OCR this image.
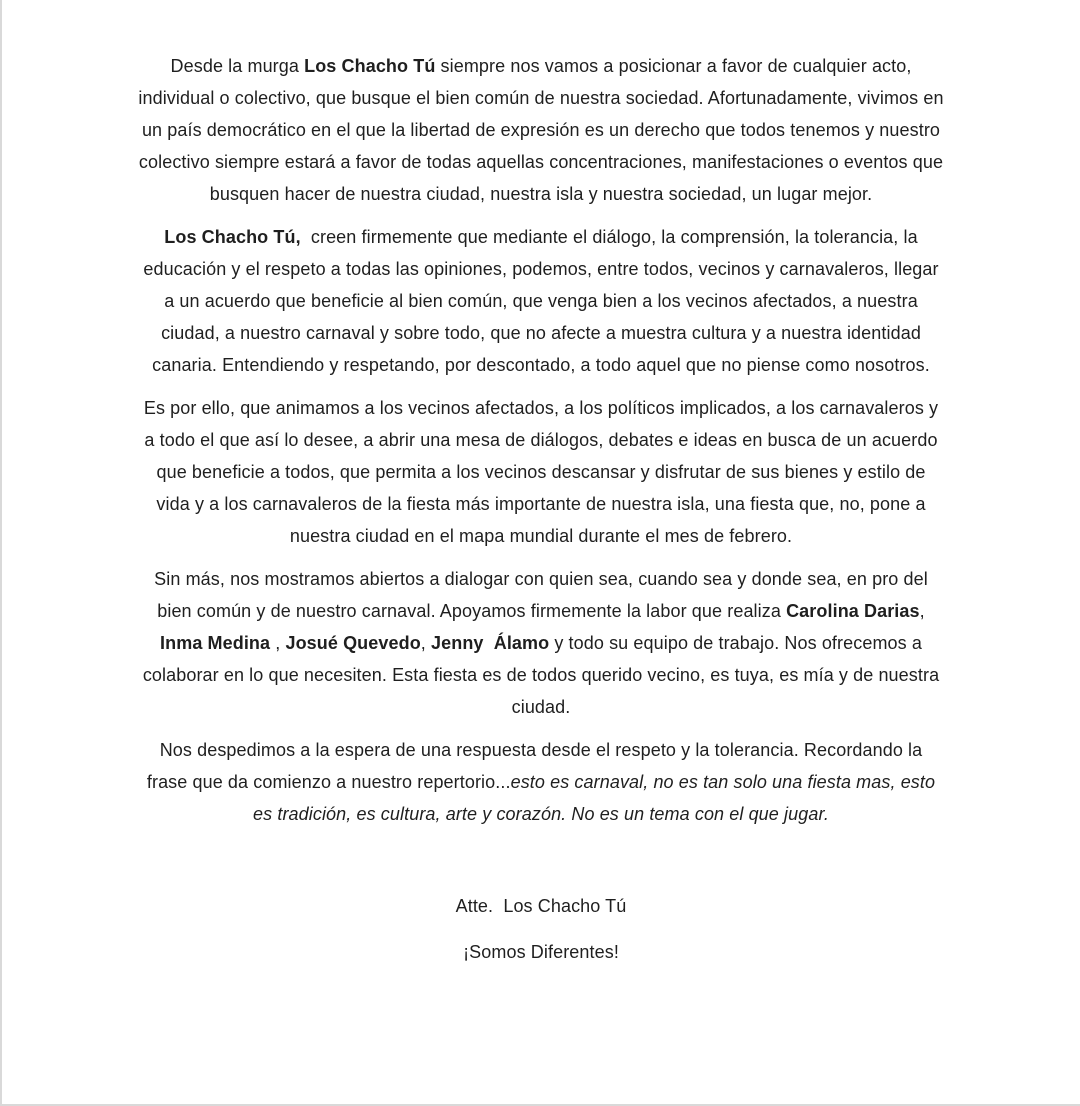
Desde la murga Los Chacho Tú siempre nos vamos a posicionar a favor de cualquier acto, individual o colectivo, que busque el bien común de nuestra sociedad. Afortunadamente, vivimos en un país democrático en el que la libertad de expresión es un derecho que todos tenemos y nuestro colectivo siempre estará a favor de todas aquellas concentraciones, manifestaciones o eventos que busquen hacer de nuestra ciudad, nuestra isla y nuestra sociedad, un lugar mejor.

Los Chacho Tú,  creen firmemente que mediante el diálogo, la comprensión, la tolerancia, la educación y el respeto a todas las opiniones, podemos, entre todos, vecinos y carnavaleros, llegar a un acuerdo que beneficie al bien común, que venga bien a los vecinos afectados, a nuestra ciudad, a nuestro carnaval y sobre todo, que no afecte a muestra cultura y a nuestra identidad canaria. Entendiendo y respetando, por descontado, a todo aquel que no piense como nosotros.

Es por ello, que animamos a los vecinos afectados, a los políticos implicados, a los carnavaleros y a todo el que así lo desee, a abrir una mesa de diálogos, debates e ideas en busca de un acuerdo que beneficie a todos, que permita a los vecinos descansar y disfrutar de sus bienes y estilo de vida y a los carnavaleros de la fiesta más importante de nuestra isla, una fiesta que, no, pone a nuestra ciudad en el mapa mundial durante el mes de febrero.

Sin más, nos mostramos abiertos a dialogar con quien sea, cuando sea y donde sea, en pro del bien común y de nuestro carnaval. Apoyamos firmemente la labor que realiza Carolina Darias, Inma Medina , Josué Quevedo, Jenny  Álamo y todo su equipo de trabajo. Nos ofrecemos a colaborar en lo que necesiten. Esta fiesta es de todos querido vecino, es tuya, es mía y de nuestra ciudad.

Nos despedimos a la espera de una respuesta desde el respeto y la tolerancia. Recordando la frase que da comienzo a nuestro repertorio...esto es carnaval, no es tan solo una fiesta mas, esto es tradición, es cultura, arte y corazón. No es un tema con el que jugar.

Atte.  Los Chacho Tú

¡Somos Diferentes!
